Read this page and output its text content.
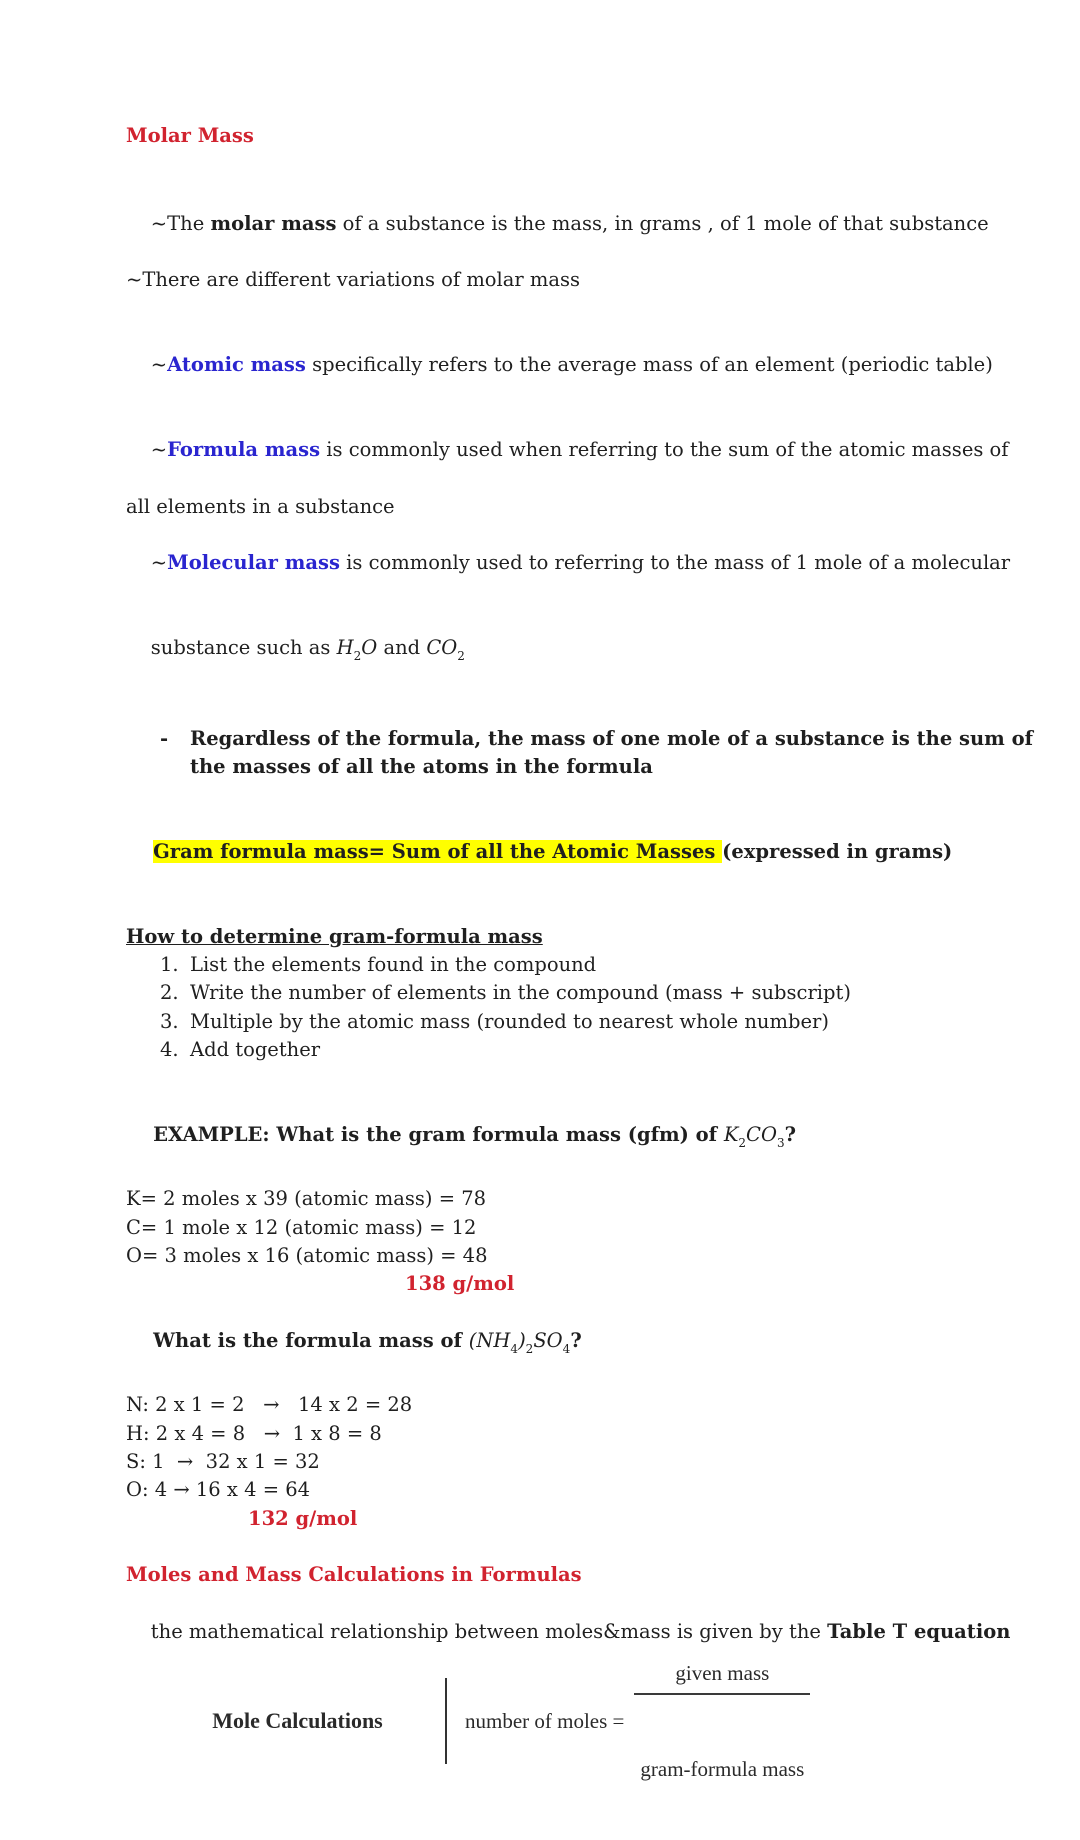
Molar Mass

~The molar mass of a substance is the mass, in grams , of 1 mole of that substance

~There are different variations of molar mass

~Atomic mass specifically refers to the average mass of an element (periodic table)

~Formula mass is commonly used when referring to the sum of the atomic masses of

all elements in a substance

~Molecular mass is commonly used to referring to the mass of 1 mole of a molecular

substance such as $H_2O$ and $CO_2$

-	Regardless of the formula, the mass of one mole of a substance is the sum of
the masses of all the atoms in the formula

Gram formula mass= Sum of all the Atomic Masses (expressed in grams)

How to determine gram-formula mass
1. List the elements found in the compound
2. Write the number of elements in the compound (mass + subscript)
3. Multiple by the atomic mass (rounded to nearest whole number)
4. Add together

EXAMPLE: What is the gram formula mass (gfm) of $K_2CO_3$?

K= 2 moles x 39 (atomic mass) = 78
C= 1 mole x 12 (atomic mass) = 12
O= 3 moles x 16 (atomic mass) = 48
138 g/mol

What is the formula mass of $(NH_4)_2SO_4$?

N: 2 x 1 = 2   →   14 x 2 = 28
H: 2 x 4 = 8   →  1 x 8 = 8
S: 1  →  32 x 1 = 32
O: 4 → 16 x 4 = 64
132 g/mol
Moles and Mass Calculations in Formulas

the mathematical relationship between moles&mass is given by the Table T equation

Mole Calculations	number of moles =

$\frac{\text{given mass}}{\text{gram-formula mass}}$
